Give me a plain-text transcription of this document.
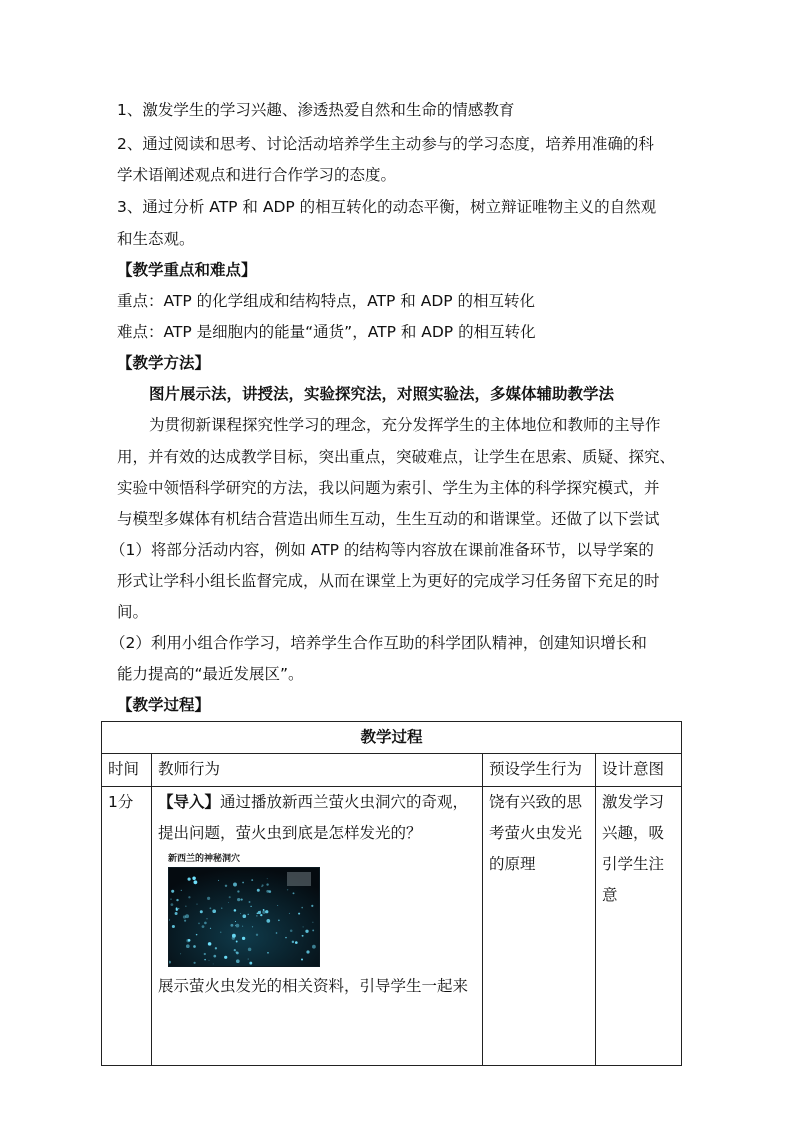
1、激发学生的学习兴趣、渗透热爱自然和生命的情感教育
2、通过阅读和思考、讨论活动培养学生主动参与的学习态度，培养用准确的科
学术语阐述观点和进行合作学习的态度。
3、通过分析 ATP 和 ADP 的相互转化的动态平衡，树立辩证唯物主义的自然观
和生态观。
【教学重点和难点】
重点：ATP 的化学组成和结构特点，ATP 和 ADP 的相互转化
难点：ATP 是细胞内的能量“通货”，ATP 和 ADP 的相互转化
【教学方法】
图片展示法，讲授法，实验探究法，对照实验法，多媒体辅助教学法
为贯彻新课程探究性学习的理念，充分发挥学生的主体地位和教师的主导作
用，并有效的达成教学目标，突出重点，突破难点，让学生在思索、质疑、探究、
实验中领悟科学研究的方法，我以问题为索引、学生为主体的科学探究模式，并
与模型多媒体有机结合营造出师生互动，生生互动的和谐课堂。还做了以下尝试
（1）将部分活动内容，例如 ATP 的结构等内容放在课前准备环节，以导学案的
形式让学科小组长监督完成，从而在课堂上为更好的完成学习任务留下充足的时
间。
（2）利用小组合作学习，培养学生合作互助的科学团队精神，创建知识增长和
能力提高的“最近发展区”。
【教学过程】
教学过程			
时间	教师行为	预设学生行为	设计意图
1分	【导入】通过播放新西兰萤火虫洞穴的奇观，
提出问题，萤火虫到底是怎样发光的？
新西兰的神秘洞穴
展示萤火虫发光的相关资料，引导学生一起来	饶有兴致的思
考萤火虫发光
的原理	激发学习
兴趣，吸
引学生注
意
